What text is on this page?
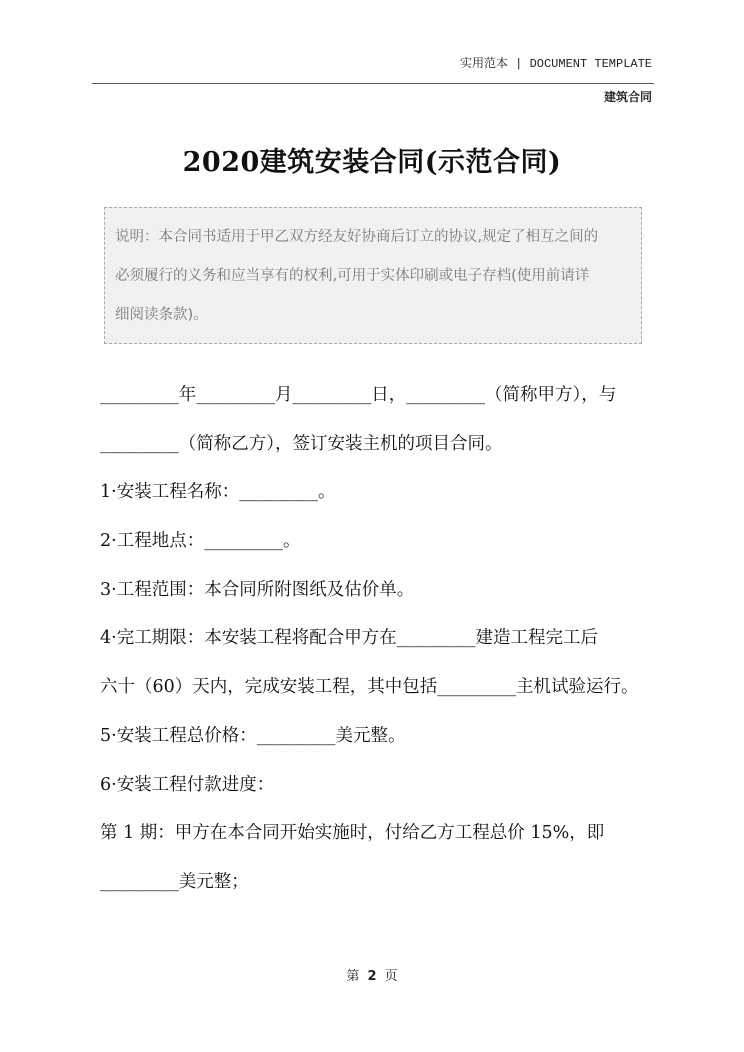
实用范本 | DOCUMENT TEMPLATE
建筑合同
2020建筑安装合同(示范合同)
说明：本合同书适用于甲乙双方经友好协商后订立的协议,规定了相互之间的
必须履行的义务和应当享有的权利,可用于实体印刷或电子存档(使用前请详
细阅读条款)。
_________年_________月_________日，_________（简称甲方），与
_________（简称乙方），签订安装主机的项目合同。
1·安装工程名称：_________。
2·工程地点：_________。
3·工程范围：本合同所附图纸及估价单。
4·完工期限：本安装工程将配合甲方在_________建造工程完工后
六十（60）天内，完成安装工程，其中包括_________主机试验运行。
5·安装工程总价格：_________美元整。
6·安装工程付款进度：
第 1 期：甲方在本合同开始实施时，付给乙方工程总价 15%，即
_________美元整；
第 2 页
